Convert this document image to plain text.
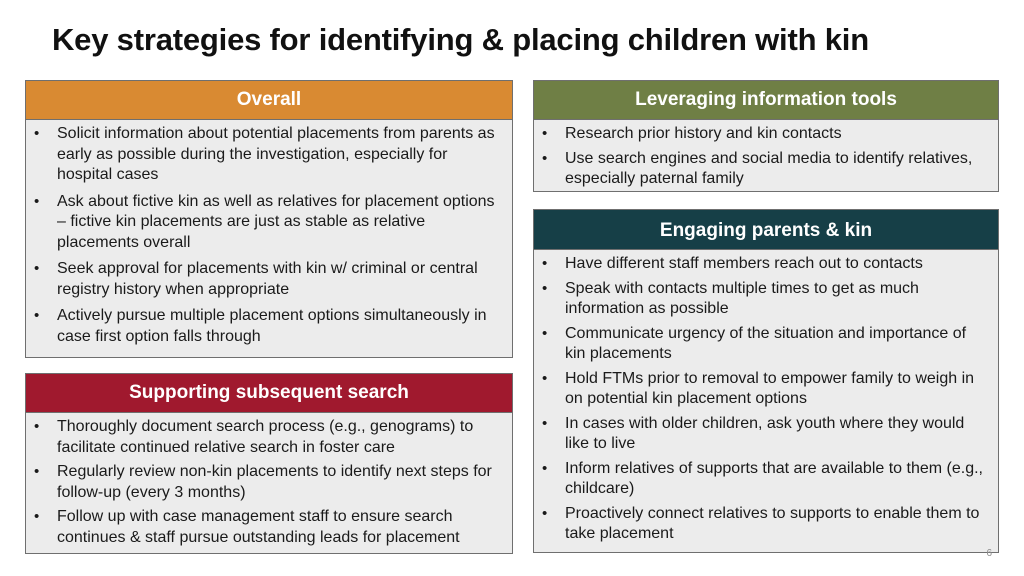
Key strategies for identifying & placing children with kin
Overall
• Solicit information about potential placements from parents as early as possible during the investigation, especially for hospital cases
• Ask about fictive kin as well as relatives for placement options – fictive kin placements are just as stable as relative placements overall
• Seek approval for placements with kin w/ criminal or central registry history when appropriate
• Actively pursue multiple placement options simultaneously in case first option falls through
Leveraging information tools
• Research prior history and kin contacts
• Use search engines and social media to identify relatives, especially paternal family
Engaging parents & kin
• Have different staff members reach out to contacts
• Speak with contacts multiple times to get as much information as possible
• Communicate urgency of the situation and importance of kin placements
• Hold FTMs prior to removal to empower family to weigh in on potential kin placement options
• In cases with older children, ask youth where they would like to live
• Inform relatives of supports that are available to them (e.g., childcare)
• Proactively connect relatives to supports to enable them to take placement
Supporting subsequent search
• Thoroughly document search process (e.g., genograms) to facilitate continued relative search in foster care
• Regularly review non-kin placements to identify next steps for follow-up (every 3 months)
• Follow up with case management staff to ensure search continues & staff pursue outstanding leads for placement
6
